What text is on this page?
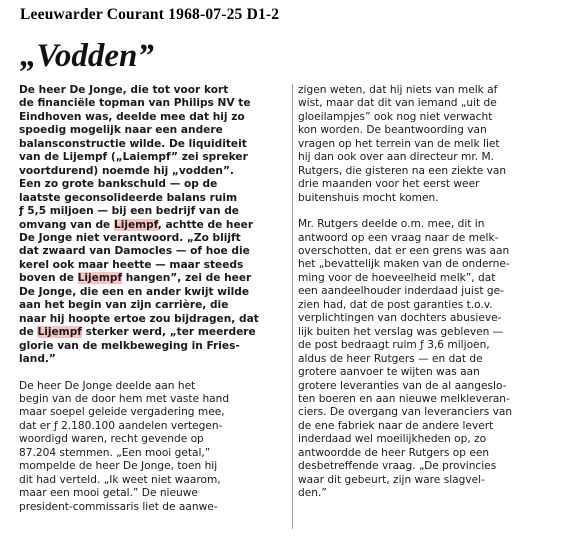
Leeuwarder Courant 1968-07-25 D1-2
„Vodden”
De heer De Jonge, die tot voor kort
de financiële topman van Philips NV te
Eindhoven was, deelde mee dat hij zo
spoedig mogelijk naar een andere
balansconstructie wilde. De liquiditeit
van de Lijempf („Laiempf” zei spreker
voortdurend) noemde hij „vodden”.
Een zo grote bankschuld — op de
laatste geconsolideerde balans ruim
ƒ 5,5 miljoen — bij een bedrijf van de
omvang van de Lijempf, achtte de heer
De Jonge niet verantwoord. „Zo blijft
dat zwaard van Damocles — of hoe die
kerel ook maar heette — maar steeds
boven de Lijempf hangen”, zei de heer
De Jonge, die een en ander kwijt wilde
aan het begin van zijn carrière, die
naar hij hoopte ertoe zou bijdragen, dat
de Lijempf sterker werd, „ter meerdere
glorie van de melkbeweging in Fries-
land.”
De heer De Jonge deelde aan het
begin van de door hem met vaste hand
maar soepel geleide vergadering mee,
dat er ƒ 2.180.100 aandelen vertegen-
woordigd waren, recht gevende op
87.204 stemmen. „Een mooi getal,”
mompelde de heer De Jonge, toen hij
dit had verteld. „Ik weet niet waarom,
maar een mooi getal.” De nieuwe
president-commissaris liet de aanwe-
zigen weten, dat hij niets van melk af
wist, maar dat dit van iemand „uit de
gloeilampjes” ook nog niet verwacht
kon worden. De beantwoording van
vragen op het terrein van de melk liet
hij dan ook over aan directeur mr. M.
Rutgers, die gisteren na een ziekte van
drie maanden voor het eerst weer
buitenshuis mocht komen.
Mr. Rutgers deelde o.m. mee, dit in
antwoord op een vraag naar de melk-
overschotten, dat er een grens was aan
het „bevattelijk maken van de onderne-
ming voor de hoeveelheid melk”, dat
een aandeelhouder inderdaad juist ge-
zien had, dat de post garanties t.o.v.
verplichtingen van dochters abusieve-
lijk buiten het verslag was gebleven —
de post bedraagt ruim ƒ 3,6 miljoen,
aldus de heer Rutgers — en dat de
grotere aanvoer te wijten was aan
grotere leveranties van de al aangeslo-
ten boeren en aan nieuwe melkleveran-
ciers. De overgang van leveranciers van
de ene fabriek naar de andere levert
inderdaad wel moeilijkheden op, zo
antwoordde de heer Rutgers op een
desbetreffende vraag. „De provincies
waar dit gebeurt, zijn ware slagvel-
den.”
